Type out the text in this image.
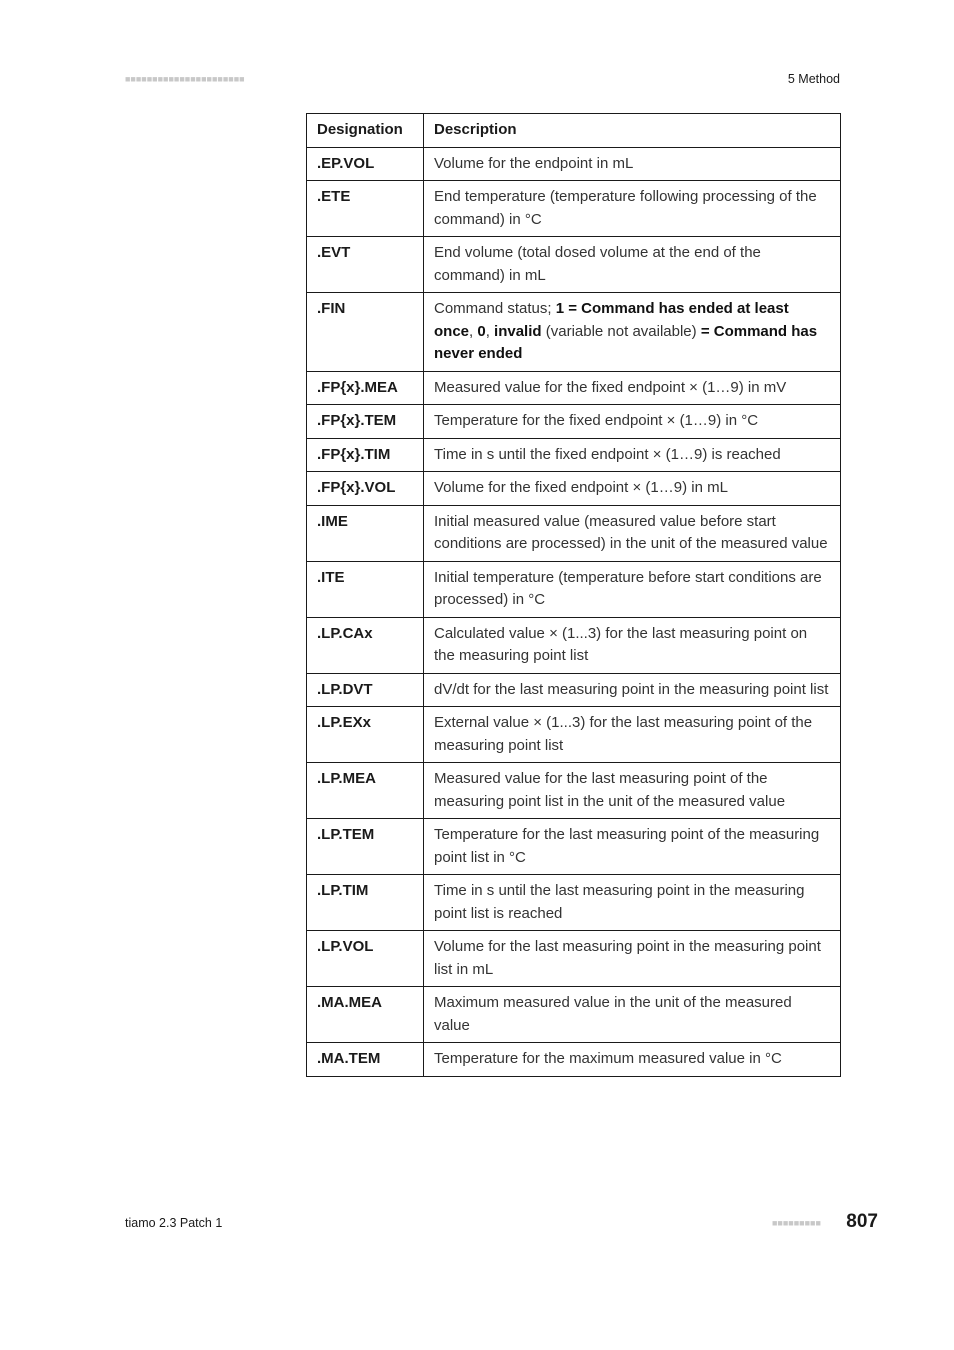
■■■■■■■■■■■■■■■■■■■■■■	5 Method
Designation	Description
.EP.VOL	Volume for the endpoint in mL
.ETE	End temperature (temperature following processing of the command) in °C
.EVT	End volume (total dosed volume at the end of the command) in mL
.FIN	Command status; 1 = Command has ended at least once, 0, invalid (variable not available) = Command has never ended
.FP{x}.MEA	Measured value for the fixed endpoint × (1…9) in mV
.FP{x}.TEM	Temperature for the fixed endpoint × (1…9) in °C
.FP{x}.TIM	Time in s until the fixed endpoint × (1…9) is reached
.FP{x}.VOL	Volume for the fixed endpoint × (1…9) in mL
.IME	Initial measured value (measured value before start conditions are processed) in the unit of the measured value
.ITE	Initial temperature (temperature before start conditions are processed) in °C
.LP.CAx	Calculated value × (1...3) for the last measuring point on the measuring point list
.LP.DVT	dV/dt for the last measuring point in the measuring point list
.LP.EXx	External value × (1...3) for the last measuring point of the measuring point list
.LP.MEA	Measured value for the last measuring point of the measuring point list in the unit of the measured value
.LP.TEM	Temperature for the last measuring point of the measuring point list in °C
.LP.TIM	Time in s until the last measuring point in the measuring point list is reached
.LP.VOL	Volume for the last measuring point in the measuring point list in mL
.MA.MEA	Maximum measured value in the unit of the measured value
.MA.TEM	Temperature for the maximum measured value in °C
tiamo 2.3 Patch 1	■■■■■■■■■ 807
